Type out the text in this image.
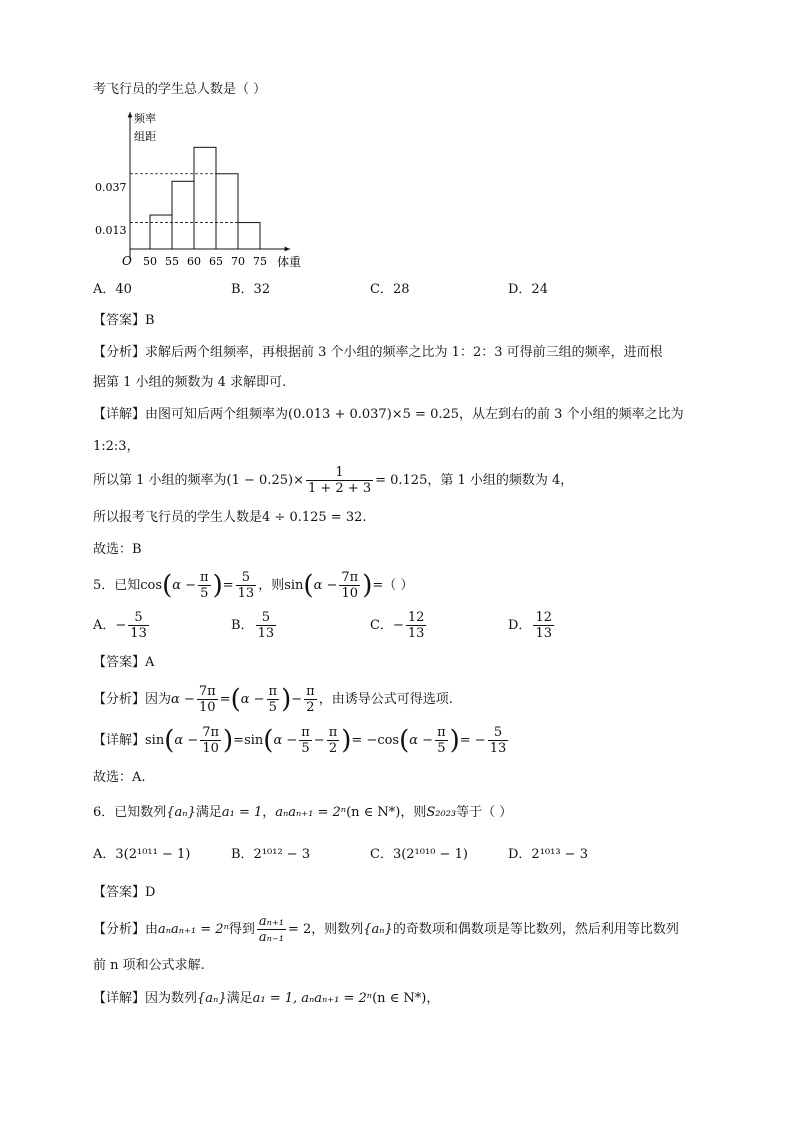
考飞行员的学生总人数是（ ）
频率
组距
O	体重
0.037
0.013
50 55 60 65 70 75
A．40	B．32	C．28	D．24
【答案】B
【分析】求解后两个组频率，再根据前 3 个小组的频率之比为 1：2：3 可得前三组的频率，进而根
据第 1 小组的频数为 4 求解即可.
【详解】由图可知后两个组频率为(0.013 + 0.037)×5 = 0.25，从左到右的前 3 个小组的频率之比为
1:2:3，
所以第 1 小组的频率为$(1 - 0.25)\times \frac{1}{1 + 2 + 3} = 0.125$，第 1 小组的频数为 4，
所以报考飞行员的学生人数是4 ÷ 0.125 = 32.
故选：B
5．已知$\cos(\alpha - \frac{\pi}{5}$ )= $\frac{5}{13}$ ，则$\sin(\alpha - \frac{7\pi}{10}$ )=（ ）
A．− $\frac{5}{13}$	B． $\frac{5}{13}$	C．− $\frac{12}{13}$	D． $\frac{12}{13}$
【答案】A
【分析】因为$\alpha - \frac{7\pi}{10} =(\alpha - \frac{\pi}{5}$ )− $\frac{\pi}{2}$ ，由诱导公式可得选项.
【详解】$\sin(\alpha - \frac{7\pi}{10} )=\sin(\alpha - \frac{\pi}{5} - \frac{\pi}{2}$ )= $-\cos(\alpha - \frac{\pi}{5}$ )= − $\frac{5}{13}$
故选：A.
6．已知数列{aₙ}满足a₁ = 1，aₙaₙ₊₁ = 2ⁿ(n ∈ N*)，则S₂₀₂₃等于（ ）
A．3(2¹⁰¹¹ − 1)	B．2¹⁰¹² − 3	C．3(2¹⁰¹⁰ − 1)	D．2¹⁰¹³ − 3
【答案】D
【分析】由aₙaₙ₊₁ = 2ⁿ得到 $\frac{\text{aₙ₊₁}}{\text{aₙ₋₁}} = 2$，则数列{aₙ}的奇数项和偶数项是等比数列，然后利用等比数列
前 n 项和公式求解.
【详解】因为数列{aₙ}满足a₁ = 1, aₙaₙ₊₁ = 2ⁿ(n ∈ N*)，
